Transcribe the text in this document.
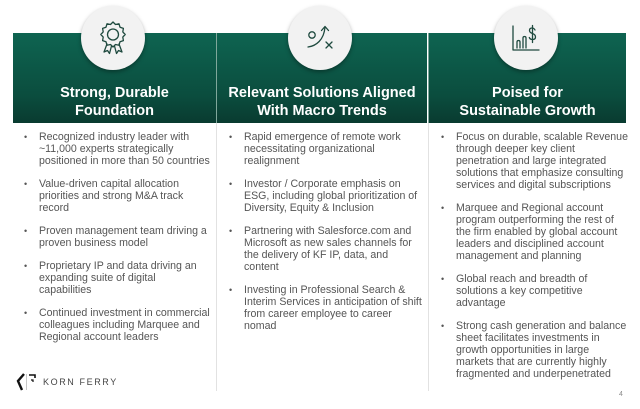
Strong, Durable
Foundation
Relevant Solutions Aligned
With Macro Trends
Poised for
Sustainable Growth
• Recognized industry leader with ~11,000 experts strategically positioned in more than 50 countries
• Value-driven capital allocation priorities and strong M&A track record
• Proven management team driving a proven business model
• Proprietary IP and data driving an expanding suite of digital capabilities
• Continued investment in commercial colleagues including Marquee and Regional account leaders
• Rapid emergence of remote work necessitating organizational realignment
• Investor / Corporate emphasis on ESG, including global prioritization of Diversity, Equity & Inclusion
• Partnering with Salesforce.com and Microsoft as new sales channels for the delivery of KF IP, data, and content
• Investing in Professional Search & Interim Services in anticipation of shift from career employee to career nomad
• Focus on durable, scalable Revenue through deeper key client penetration and large integrated solutions that emphasize consulting services and digital subscriptions
• Marquee and Regional account program outperforming the rest of the firm enabled by global account leaders and disciplined account management and planning
• Global reach and breadth of solutions a key competitive advantage
• Strong cash generation and balance sheet facilitates investments in growth opportunities in large markets that are currently highly fragmented and underpenetrated
KORN FERRY
4
